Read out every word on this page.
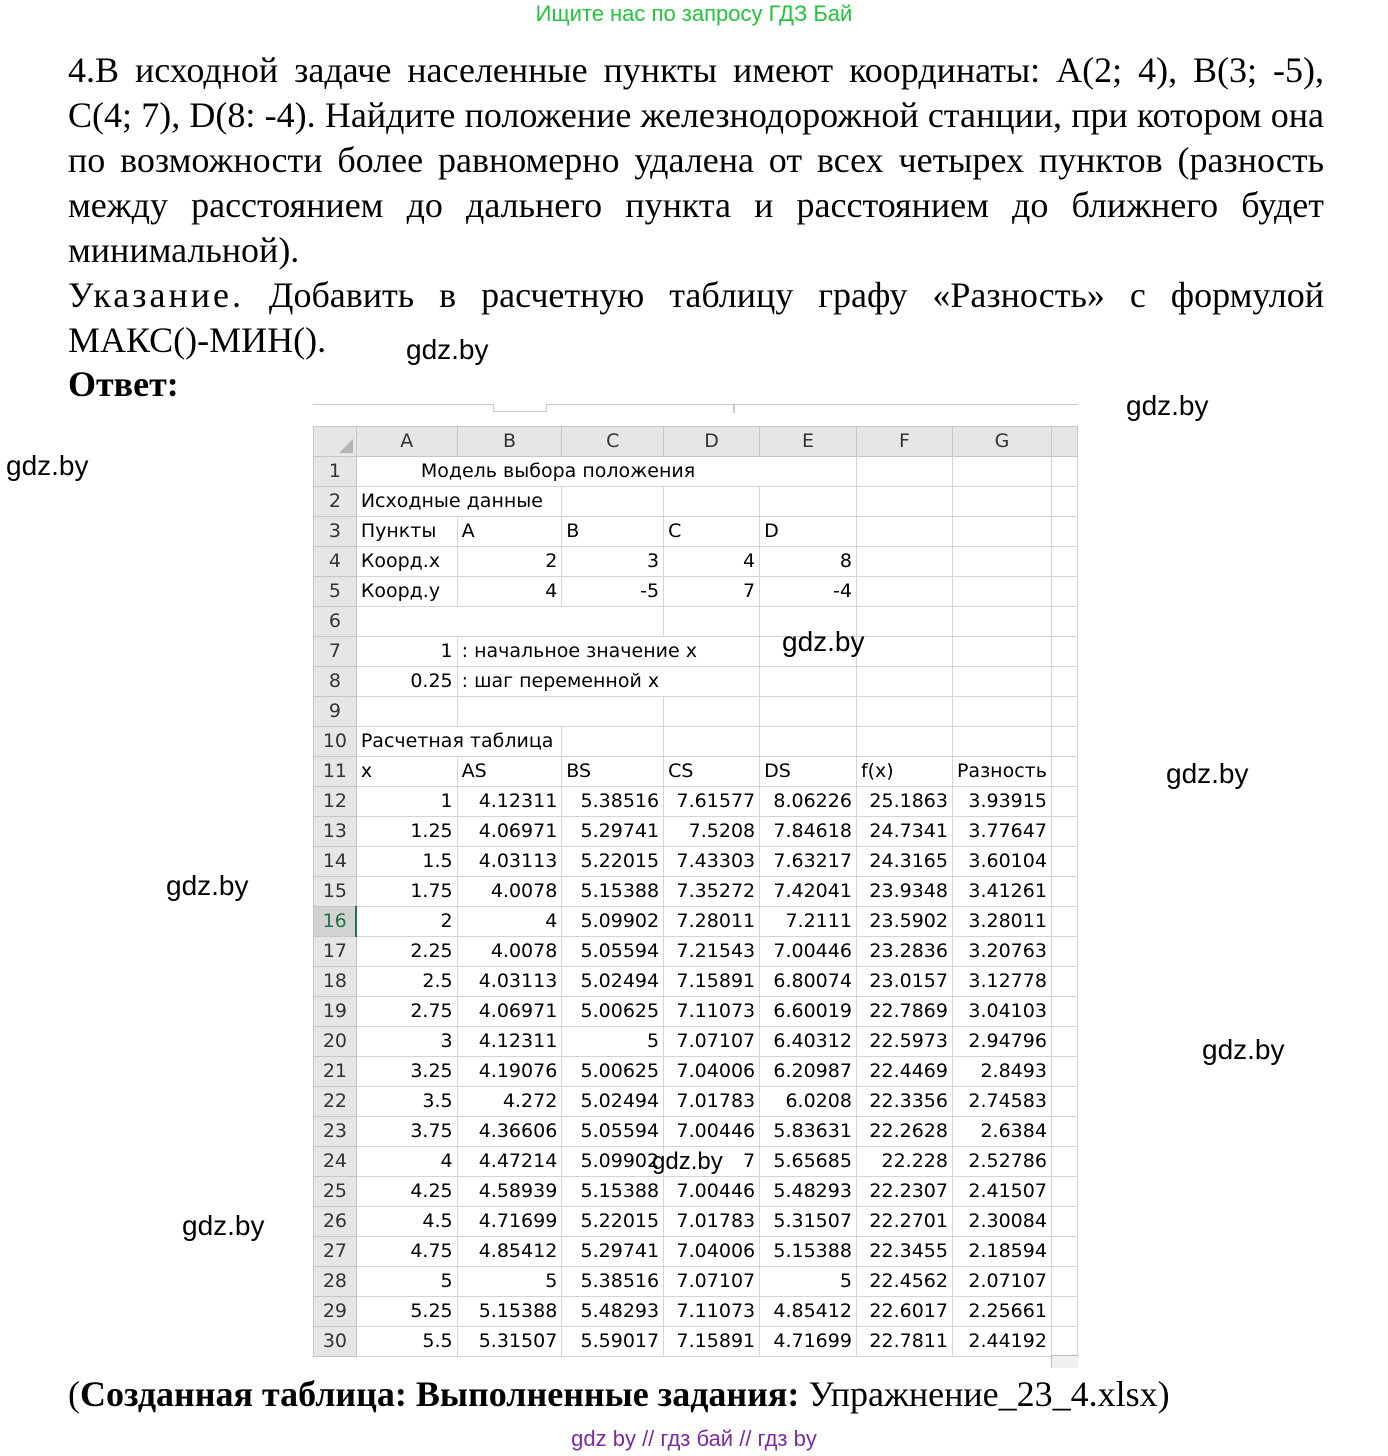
Ищите нас по запросу ГДЗ Бай

4.В исходной задаче населенные пункты имеют координаты: A(2; 4), B(3; -5), C(4; 7), D(8: -4). Найдите положение железнодорожной станции, при котором она по возможности более равномерно удалена от всех четырех пунктов (разность между расстоянием до дальнего пункта и расстоянием до ближнего будет минимальной).

Указание. Добавить в расчетную таблицу графу «Разность» с формулой МАКС()-МИН().

Ответ:
gdz.by
gdz.by
gdz.by
gdz.by
gdz.by
gdz.by
gdz.by
	A	B	C	D	E	F	G	
1	Модель выбора положения							
2	Исходные данные							
3	Пункты	A	B	C	D			
4	Коорд.x	2	3	4	8			
5	Коорд.y	4	-5	7	-4			
6								
7	1	: начальное значение x						
8	0.25	: шаг переменной x						
9								
10	Расчетная таблица							
11	x	AS	BS	CS	DS	f(x)	Разность	
12	1	4.12311	5.38516	7.61577	8.06226	25.1863	3.93915	
13	1.25	4.06971	5.29741	7.5208	7.84618	24.7341	3.77647	
14	1.5	4.03113	5.22015	7.43303	7.63217	24.3165	3.60104	
15	1.75	4.0078	5.15388	7.35272	7.42041	23.9348	3.41261	
16	2	4	5.09902	7.28011	7.2111	23.5902	3.28011	
17	2.25	4.0078	5.05594	7.21543	7.00446	23.2836	3.20763	
18	2.5	4.03113	5.02494	7.15891	6.80074	23.0157	3.12778	
19	2.75	4.06971	5.00625	7.11073	6.60019	22.7869	3.04103	
20	3	4.12311	5	7.07107	6.40312	22.5973	2.94796	
21	3.25	4.19076	5.00625	7.04006	6.20987	22.4469	2.8493	
22	3.5	4.272	5.02494	7.01783	6.0208	22.3356	2.74583	
23	3.75	4.36606	5.05594	7.00446	5.83631	22.2628	2.6384	
24	4	4.47214	5.09902	7	5.65685	22.228	2.52786	
25	4.25	4.58939	5.15388	7.00446	5.48293	22.2307	2.41507	
26	4.5	4.71699	5.22015	7.01783	5.31507	22.2701	2.30084	
27	4.75	4.85412	5.29741	7.04006	5.15388	22.3455	2.18594	
28	5	5	5.38516	7.07107	5	22.4562	2.07107	
29	5.25	5.15388	5.48293	7.11073	4.85412	22.6017	2.25661	
30	5.5	5.31507	5.59017	7.15891	4.71699	22.7811	2.44192	
gdz.by
gdz.by
(Созданная таблица: Выполненные задания: Упражнение_23_4.xlsx)
gdz by // гдз бай // гдз by
